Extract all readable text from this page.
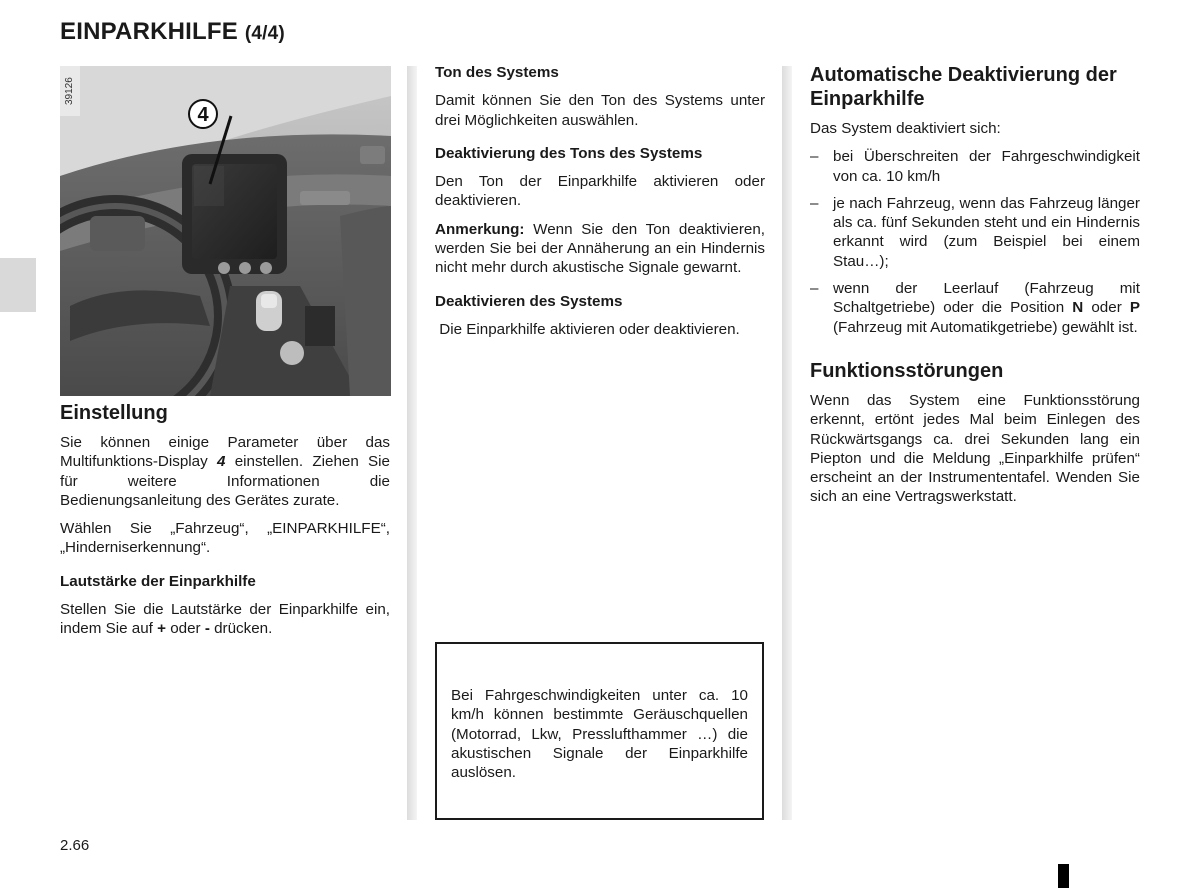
EINPARKHILFE (4/4)
4
39126
Einstellung

Sie können einige Parameter über das Multifunktions-Display 4 einstellen. Ziehen Sie für weitere Informationen die Bedienungsanleitung des Gerätes zurate.

Wählen Sie „Fahrzeug“, „EINPARKHILFE“, „Hinderniserkennung“.

Lautstärke der Einparkhilfe

Stellen Sie die Lautstärke der Einparkhilfe ein, indem Sie auf + oder - drücken.

Ton des Systems

Damit können Sie den Ton des Systems unter drei Möglichkeiten auswählen.

Deaktivierung des Tons des Systems

Den Ton der Einparkhilfe aktivieren oder deaktivieren.

Anmerkung: Wenn Sie den Ton deaktivieren, werden Sie bei der Annäherung an ein Hindernis nicht mehr durch akustische Signale gewarnt.

Deaktivieren des Systems

Die Einparkhilfe aktivieren oder deaktivieren.

Bei Fahrgeschwindigkeiten unter ca. 10 km/h können bestimmte Geräuschquellen (Motorrad, Lkw, Presslufthammer …) die akustischen Signale der Einparkhilfe auslösen.
Automatische Deaktivierung der Einparkhilfe

Das System deaktiviert sich:

– bei Überschreiten der Fahrgeschwindigkeit von ca. 10 km/h
– je nach Fahrzeug, wenn das Fahrzeug länger als ca. fünf Sekunden steht und ein Hindernis erkannt wird (zum Beispiel bei einem Stau…);
– wenn der Leerlauf (Fahrzeug mit Schaltgetriebe) oder die Position N oder P (Fahrzeug mit Automatikgetriebe) gewählt ist.
Funktionsstörungen

Wenn das System eine Funktionsstörung erkennt, ertönt jedes Mal beim Einlegen des Rückwärtsgangs ca. drei Sekunden lang ein Piepton und die Meldung „Einparkhilfe prüfen“ erscheint an der Instrumententafel. Wenden Sie sich an eine Vertragswerkstatt.

2.66
